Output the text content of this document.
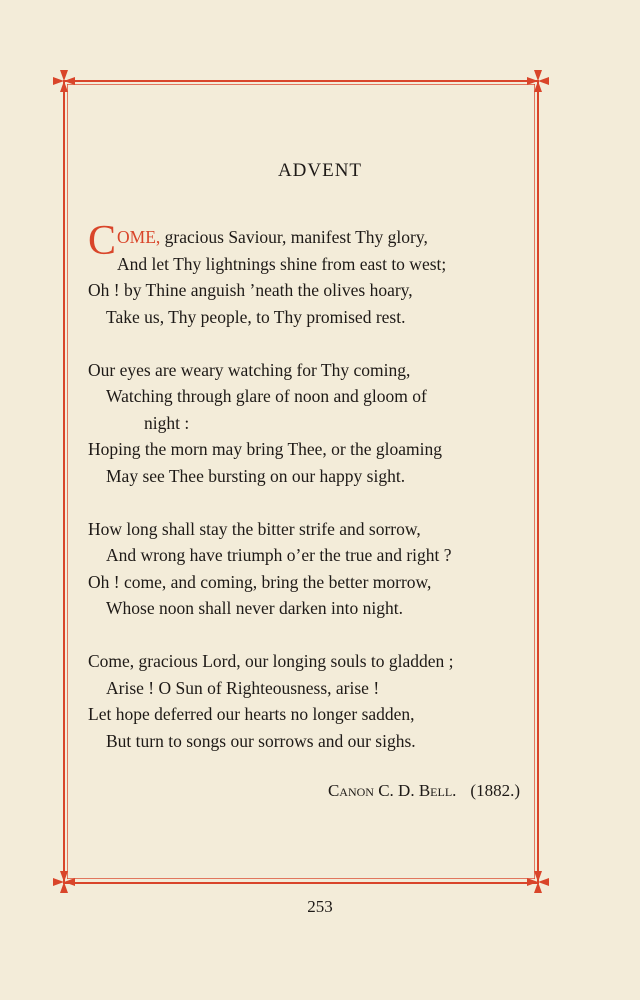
ADVENT
COME, gracious Saviour, manifest Thy glory,
And let Thy lightnings shine from east to west;
Oh ! by Thine anguish ’neath the olives hoary,
Take us, Thy people, to Thy promised rest.
Our eyes are weary watching for Thy coming,
Watching through glare of noon and gloom of
night :
Hoping the morn may bring Thee, or the gloaming
May see Thee bursting on our happy sight.
How long shall stay the bitter strife and sorrow,
And wrong have triumph o’er the true and right ?
Oh ! come, and coming, bring the better morrow,
Whose noon shall never darken into night.
Come, gracious Lord, our longing souls to gladden ;
Arise ! O Sun of Righteousness, arise !
Let hope deferred our hearts no longer sadden,
But turn to songs our sorrows and our sighs.
Canon C. D. Bell. (1882.)
253
